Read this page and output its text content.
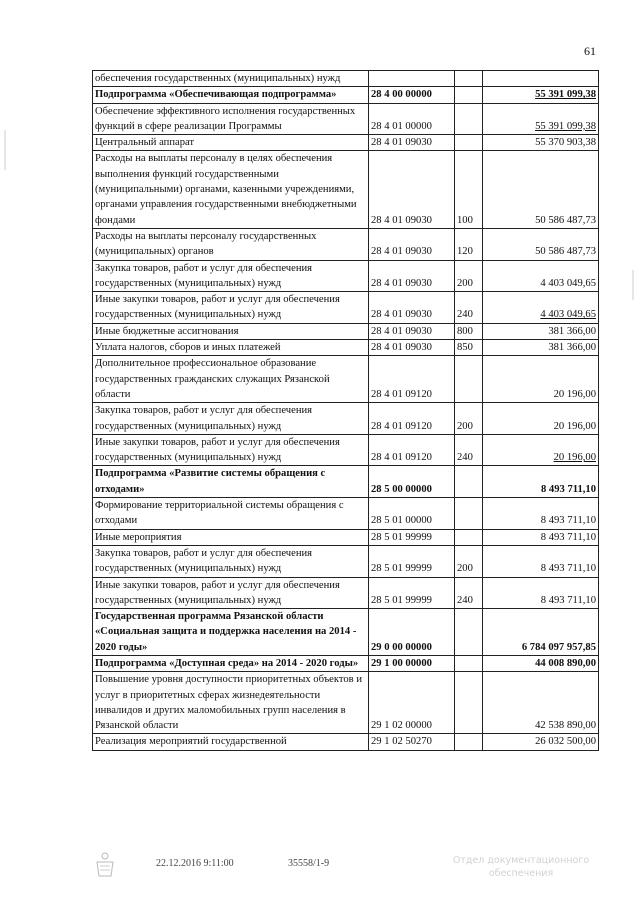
61
обеспечения государственных (муниципальных) нужд			
Подпрограмма «Обеспечивающая подпрограмма»	28 4 00 00000		55 391 099,38
Обеспечение эффективного исполнения государственных функций в сфере реализации Программы	28 4 01 00000		55 391 099,38
Центральный аппарат	28 4 01 09030		55 370 903,38
Расходы на выплаты персоналу в целях обеспечения выполнения функций государственными (муниципальными) органами, казенными учреждениями, органами управления государственными внебюджетными фондами	28 4 01 09030	100	50 586 487,73
Расходы на выплаты персоналу государственных (муниципальных) органов	28 4 01 09030	120	50 586 487,73
Закупка товаров, работ и услуг для обеспечения государственных (муниципальных) нужд	28 4 01 09030	200	4 403 049,65
Иные закупки товаров, работ и услуг для обеспечения государственных (муниципальных) нужд	28 4 01 09030	240	4 403 049,65
Иные бюджетные ассигнования	28 4 01 09030	800	381 366,00
Уплата налогов, сборов и иных платежей	28 4 01 09030	850	381 366,00
Дополнительное профессиональное образование государственных гражданских служащих Рязанской области	28 4 01 09120		20 196,00
Закупка товаров, работ и услуг для обеспечения государственных (муниципальных) нужд	28 4 01 09120	200	20 196,00
Иные закупки товаров, работ и услуг для обеспечения государственных (муниципальных) нужд	28 4 01 09120	240	20 196,00
Подпрограмма «Развитие системы обращения с отходами»	28 5 00 00000		8 493 711,10
Формирование территориальной системы обращения с отходами	28 5 01 00000		8 493 711,10
Иные мероприятия	28 5 01 99999		8 493 711,10
Закупка товаров, работ и услуг для обеспечения государственных (муниципальных) нужд	28 5 01 99999	200	8 493 711,10
Иные закупки товаров, работ и услуг для обеспечения государственных (муниципальных) нужд	28 5 01 99999	240	8 493 711,10
Государственная программа Рязанской области «Социальная защита и поддержка населения на 2014 - 2020 годы»	29 0 00 00000		6 784 097 957,85
Подпрограмма «Доступная среда» на 2014 - 2020 годы»	29 1 00 00000		44 008 890,00
Повышение уровня доступности приоритетных объектов и услуг в приоритетных сферах жизнедеятельности инвалидов и других маломобильных групп населения в Рязанской области	29 1 02 00000		42 538 890,00
Реализация мероприятий государственной	29 1 02 50270		26 032 500,00
22.12.2016 9:11:00	35558/1-9	Отдел документационного
обеспечения
